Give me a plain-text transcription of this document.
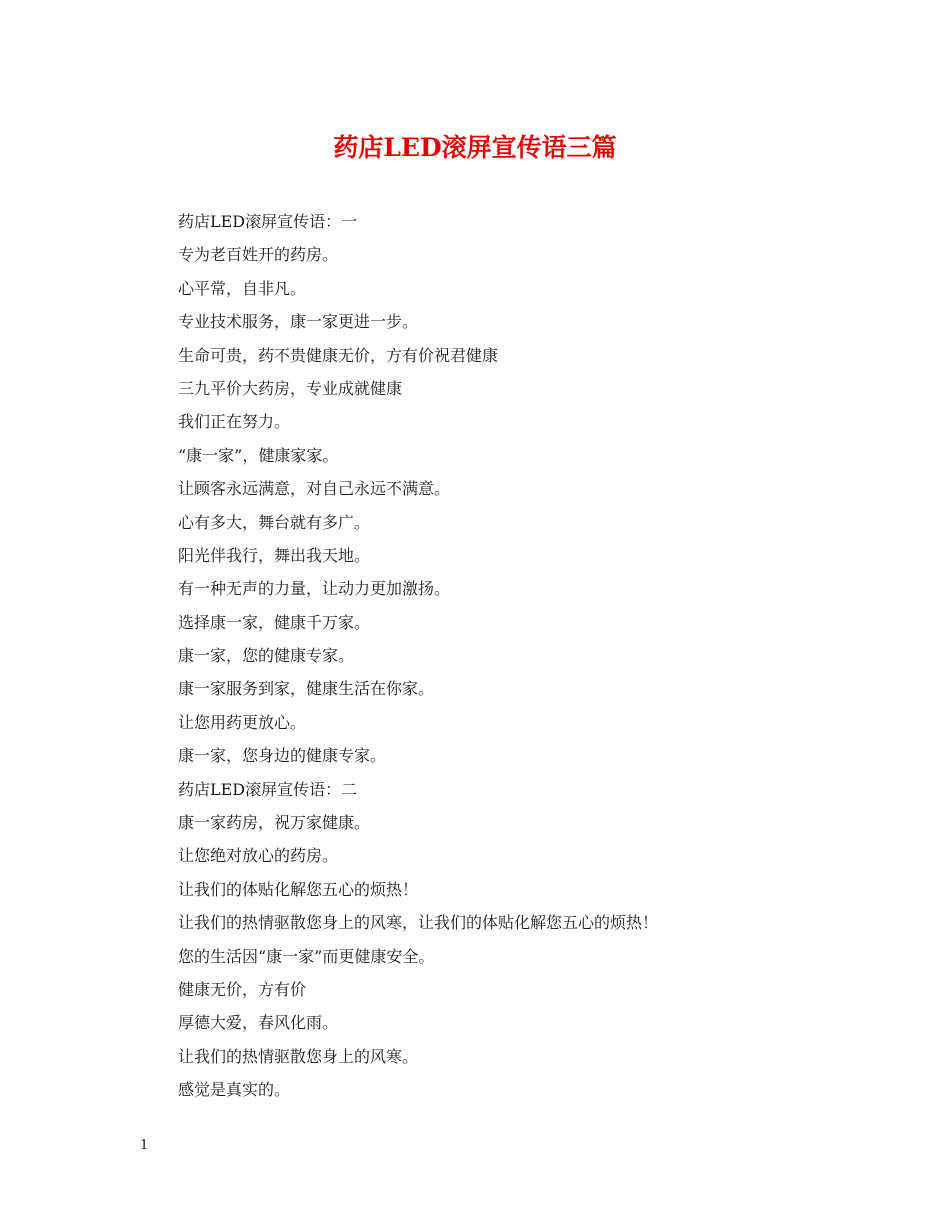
药店LED滚屏宣传语三篇
药店LED滚屏宣传语：一
专为老百姓开的药房。
心平常，自非凡。
专业技术服务，康一家更进一步。
生命可贵，药不贵健康无价，方有价祝君健康
三九平价大药房，专业成就健康
我们正在努力。
“康一家”，健康家家。
让顾客永远满意，对自己永远不满意。
心有多大，舞台就有多广。
阳光伴我行，舞出我天地。
有一种无声的力量，让动力更加激扬。
选择康一家，健康千万家。
康一家，您的健康专家。
康一家服务到家，健康生活在你家。
让您用药更放心。
康一家，您身边的健康专家。
药店LED滚屏宣传语：二
康一家药房，祝万家健康。
让您绝对放心的药房。
让我们的体贴化解您五心的烦热！
让我们的热情驱散您身上的风寒，让我们的体贴化解您五心的烦热！
您的生活因“康一家”而更健康安全。
健康无价，方有价
厚德大爱，春风化雨。
让我们的热情驱散您身上的风寒。
感觉是真实的。
1
